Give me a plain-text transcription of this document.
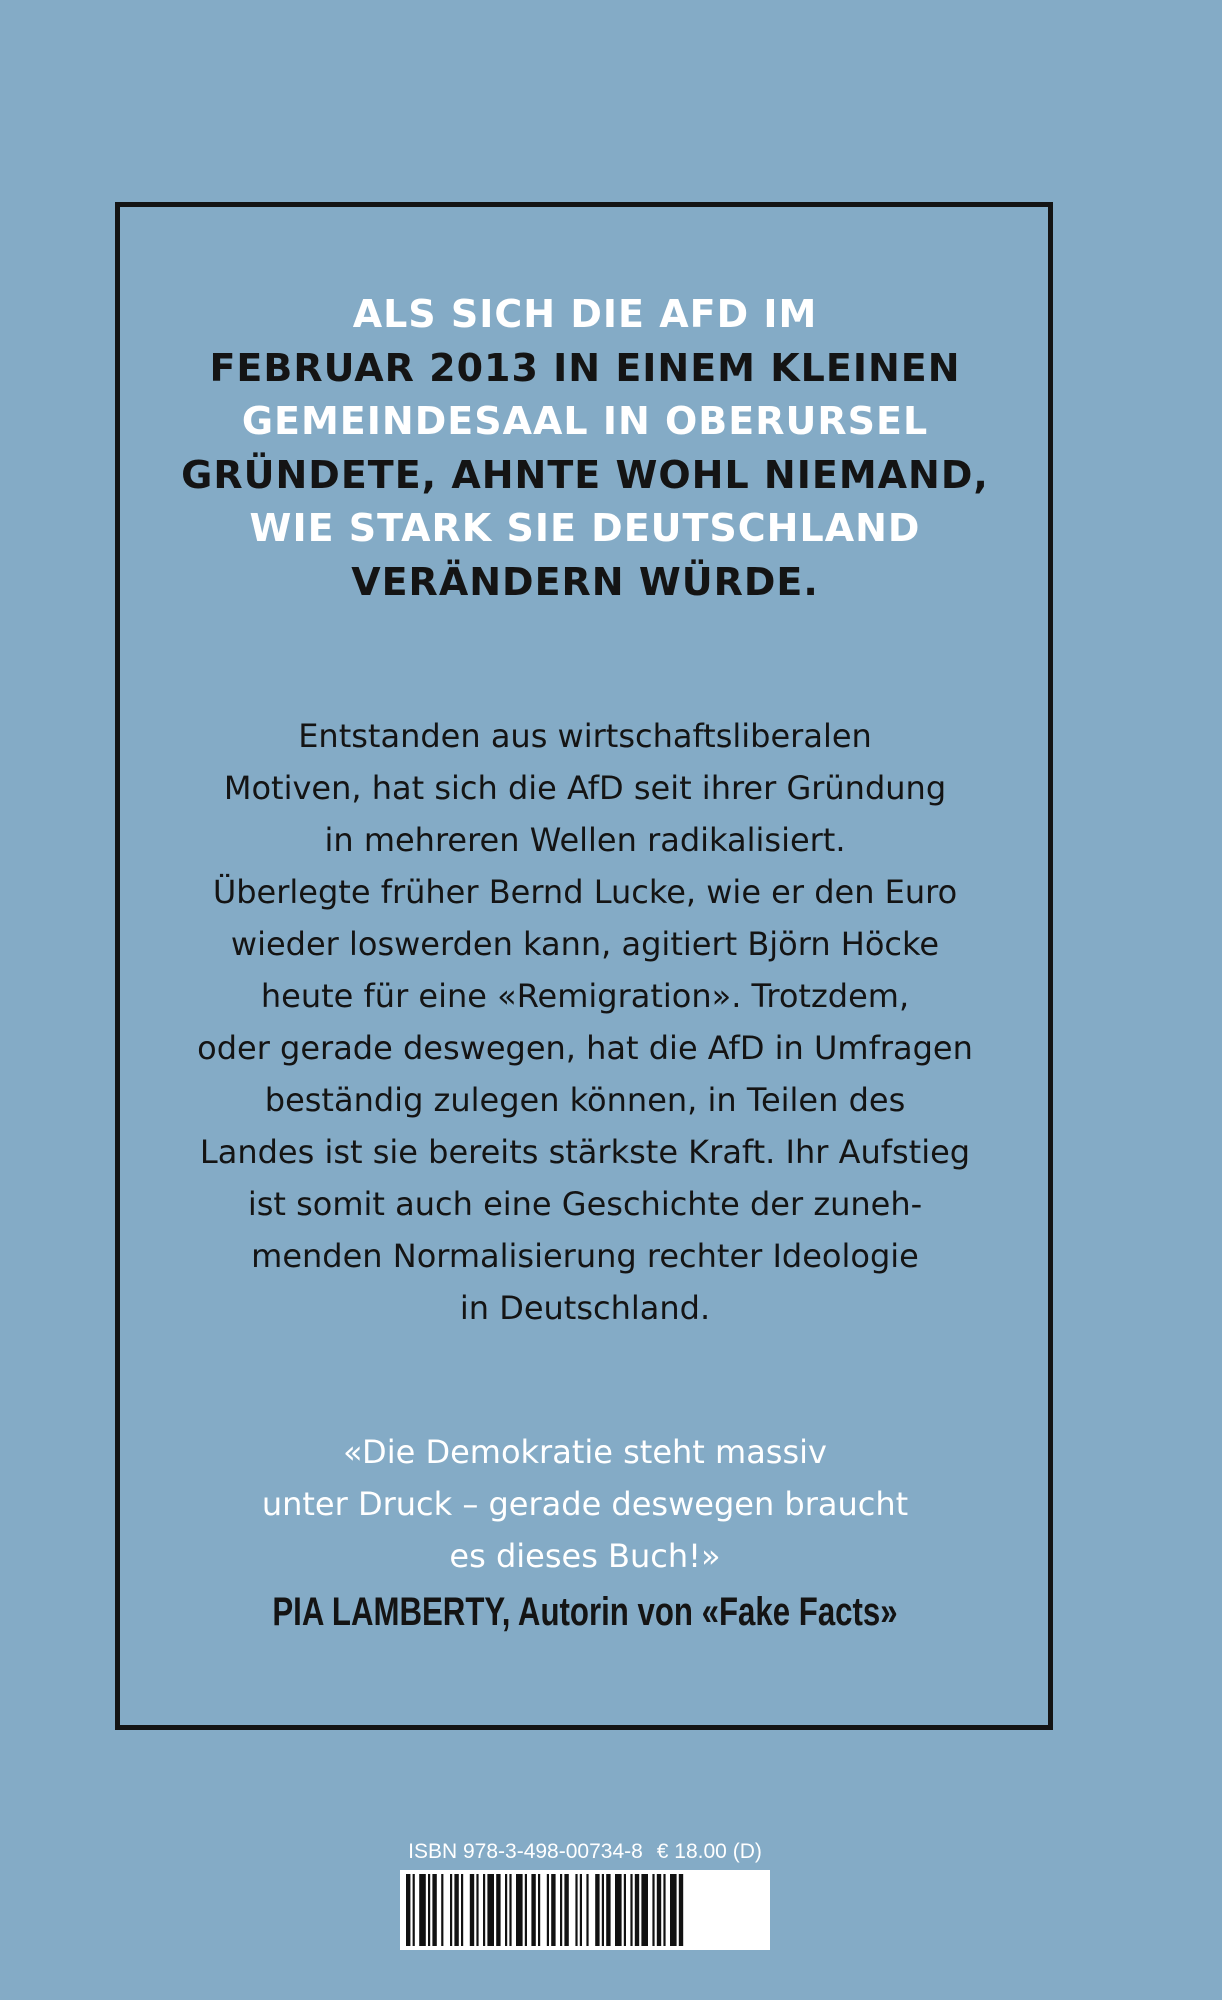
ALS SICH DIE AFD IM
FEBRUAR 2013 IN EINEM KLEINEN
GEMEINDESAAL IN OBERURSEL
GRÜNDETE, AHNTE WOHL NIEMAND,
WIE STARK SIE DEUTSCHLAND
VERÄNDERN WÜRDE.
Entstanden aus wirtschaftsliberalen
Motiven, hat sich die AfD seit ihrer Gründung
in mehreren Wellen radikalisiert.
Überlegte früher Bernd Lucke, wie er den Euro
wieder loswerden kann, agitiert Björn Höcke
heute für eine «Remigration». Trotzdem,
oder gerade deswegen, hat die AfD in Umfragen
beständig zulegen können, in Teilen des
Landes ist sie bereits stärkste Kraft. Ihr Aufstieg
ist somit auch eine Geschichte der zuneh-
menden Normalisierung rechter Ideologie
in Deutschland.
«Die Demokratie steht massiv
unter Druck – gerade deswegen braucht
es dieses Buch!»
PIA LAMBERTY, Autorin von «Fake Facts»
ISBN 978-3-498-00734-8 € 18.00 (D)
